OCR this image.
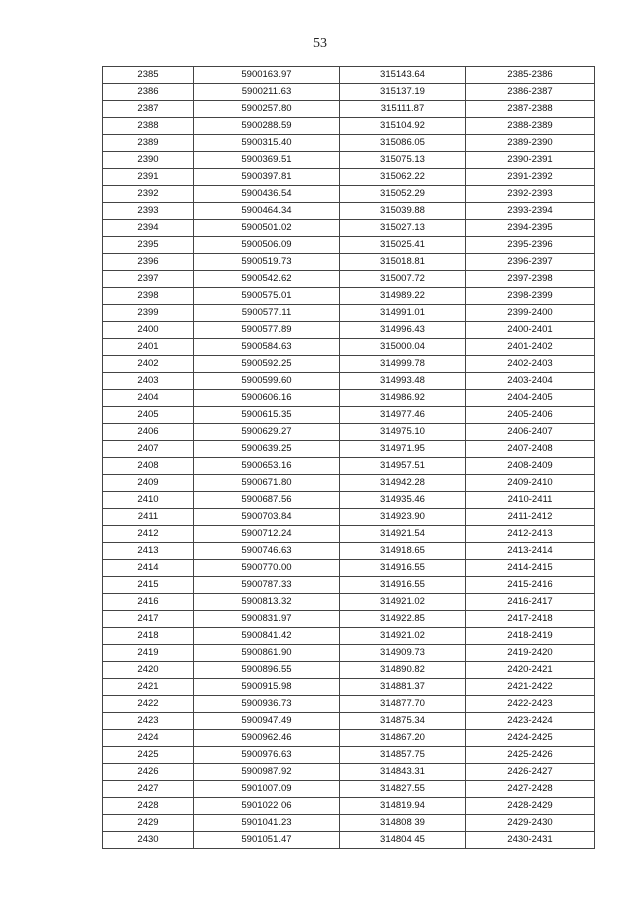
53
2385	5900163.97	315143.64	2385-2386
2386	5900211.63	315137.19	2386-2387
2387	5900257.80	315111.87	2387-2388
2388	5900288.59	315104.92	2388-2389
2389	5900315.40	315086.05	2389-2390
2390	5900369.51	315075.13	2390-2391
2391	5900397.81	315062.22	2391-2392
2392	5900436.54	315052.29	2392-2393
2393	5900464.34	315039.88	2393-2394
2394	5900501.02	315027.13	2394-2395
2395	5900506.09	315025.41	2395-2396
2396	5900519.73	315018.81	2396-2397
2397	5900542.62	315007.72	2397-2398
2398	5900575.01	314989.22	2398-2399
2399	5900577.11	314991.01	2399-2400
2400	5900577.89	314996.43	2400-2401
2401	5900584.63	315000.04	2401-2402
2402	5900592.25	314999.78	2402-2403
2403	5900599.60	314993.48	2403-2404
2404	5900606.16	314986.92	2404-2405
2405	5900615.35	314977.46	2405-2406
2406	5900629.27	314975.10	2406-2407
2407	5900639.25	314971.95	2407-2408
2408	5900653.16	314957.51	2408-2409
2409	5900671.80	314942.28	2409-2410
2410	5900687.56	314935.46	2410-2411
2411	5900703.84	314923.90	2411-2412
2412	5900712.24	314921.54	2412-2413
2413	5900746.63	314918.65	2413-2414
2414	5900770.00	314916.55	2414-2415
2415	5900787.33	314916.55	2415-2416
2416	5900813.32	314921.02	2416-2417
2417	5900831.97	314922.85	2417-2418
2418	5900841.42	314921.02	2418-2419
2419	5900861.90	314909.73	2419-2420
2420	5900896.55	314890.82	2420-2421
2421	5900915.98	314881.37	2421-2422
2422	5900936.73	314877.70	2422-2423
2423	5900947.49	314875.34	2423-2424
2424	5900962.46	314867.20	2424-2425
2425	5900976.63	314857.75	2425-2426
2426	5900987.92	314843.31	2426-2427
2427	5901007.09	314827.55	2427-2428
2428	5901022 06	314819.94	2428-2429
2429	5901041.23	314808 39	2429-2430
2430	5901051.47	314804 45	2430-2431
